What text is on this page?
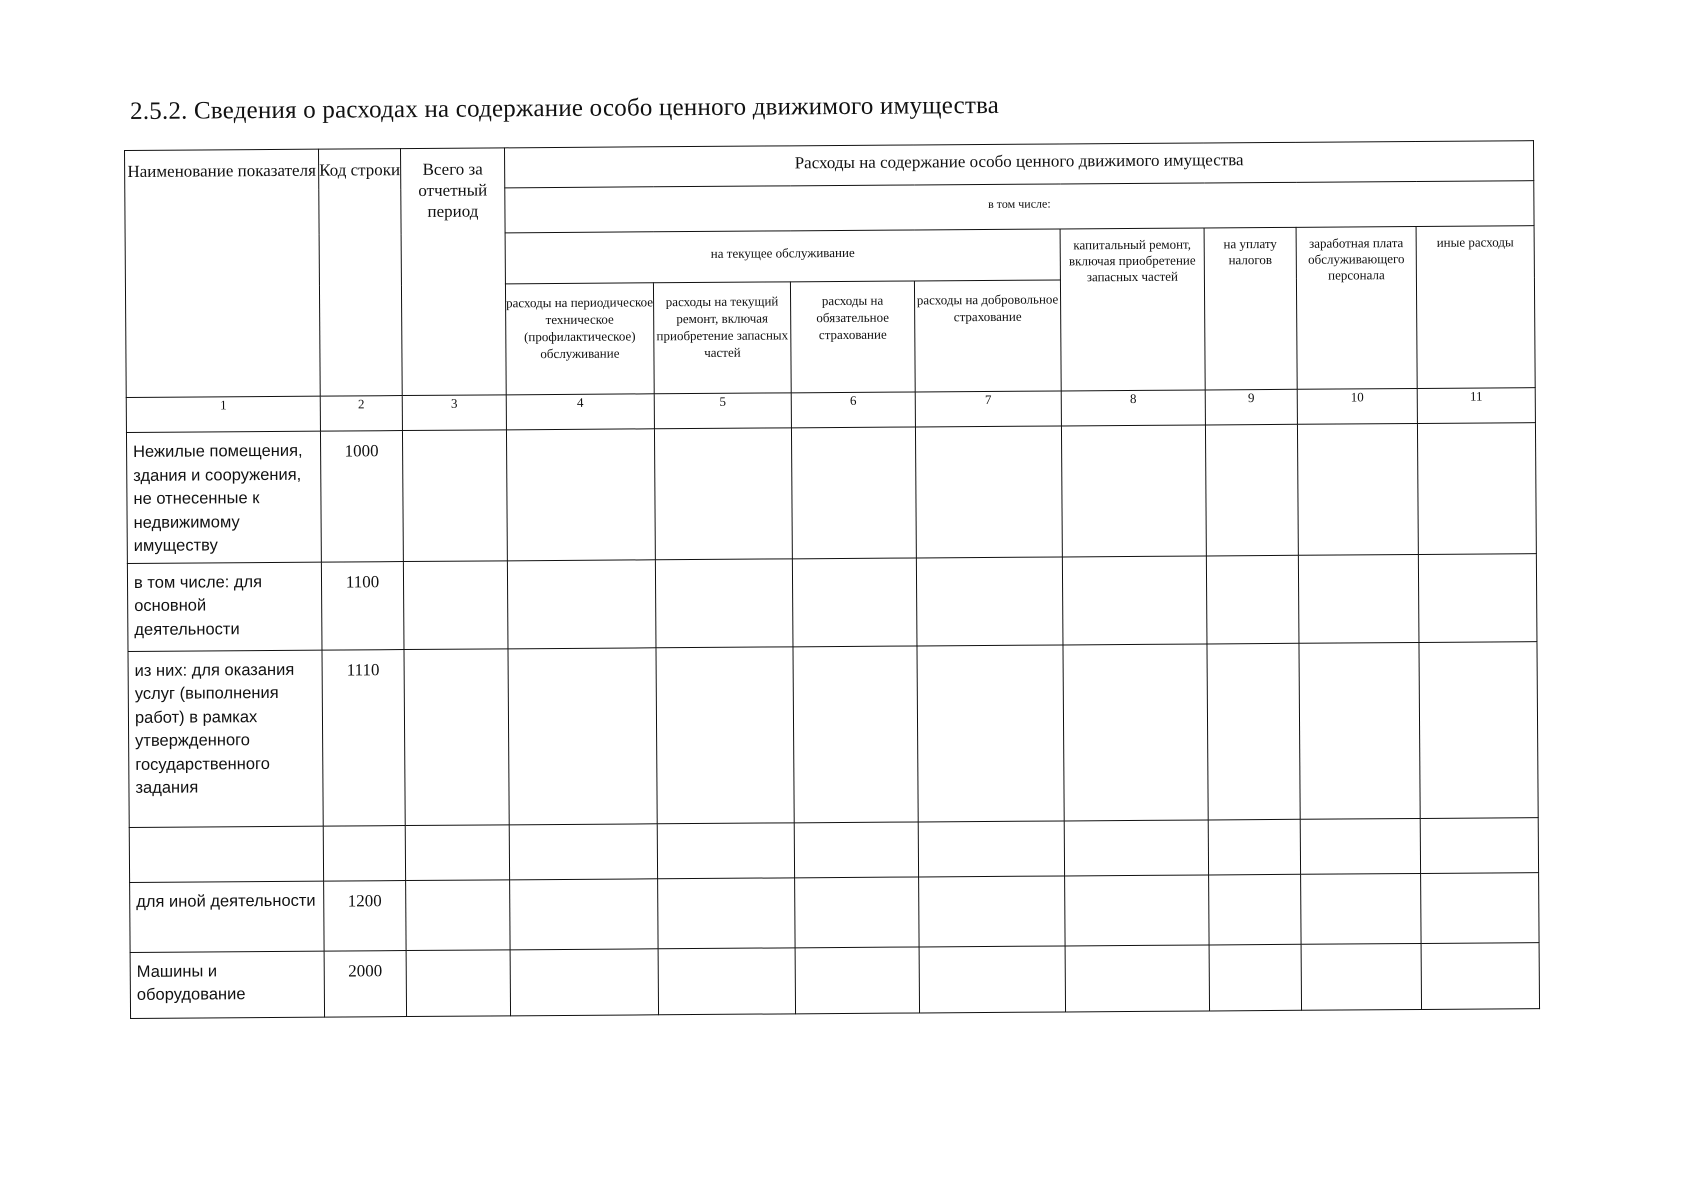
2.5.2. Сведения о расходах на содержание особо ценного движимого имущества
Наименование показателя	Код строки	Всего за отчетный период	Расходы на содержание особо ценного движимого имущества							
			в том числе:							
			на текущее обслуживание				капитальный ремонт, включая приобретение запасных частей	на уплату налогов	заработная плата обслуживающего персонала	иные расходы
			расходы на периодическое техническое (профилактическое) обслуживание	расходы на текущий ремонт, включая приобретение запасных частей	расходы на обязательное страхование	расходы на добровольное страхование				
1	2	3	4	5	6	7	8	9	10	11
Нежилые помещения, здания и сооружения, не отнесенные к недвижимому имуществу	1000									
в том числе: для основной деятельности	1100									
из них: для оказания услуг (выполнения работ) в рамках утвержденного государственного задания	1110									

для иной деятельности	1200									
Машины и оборудование	2000									
